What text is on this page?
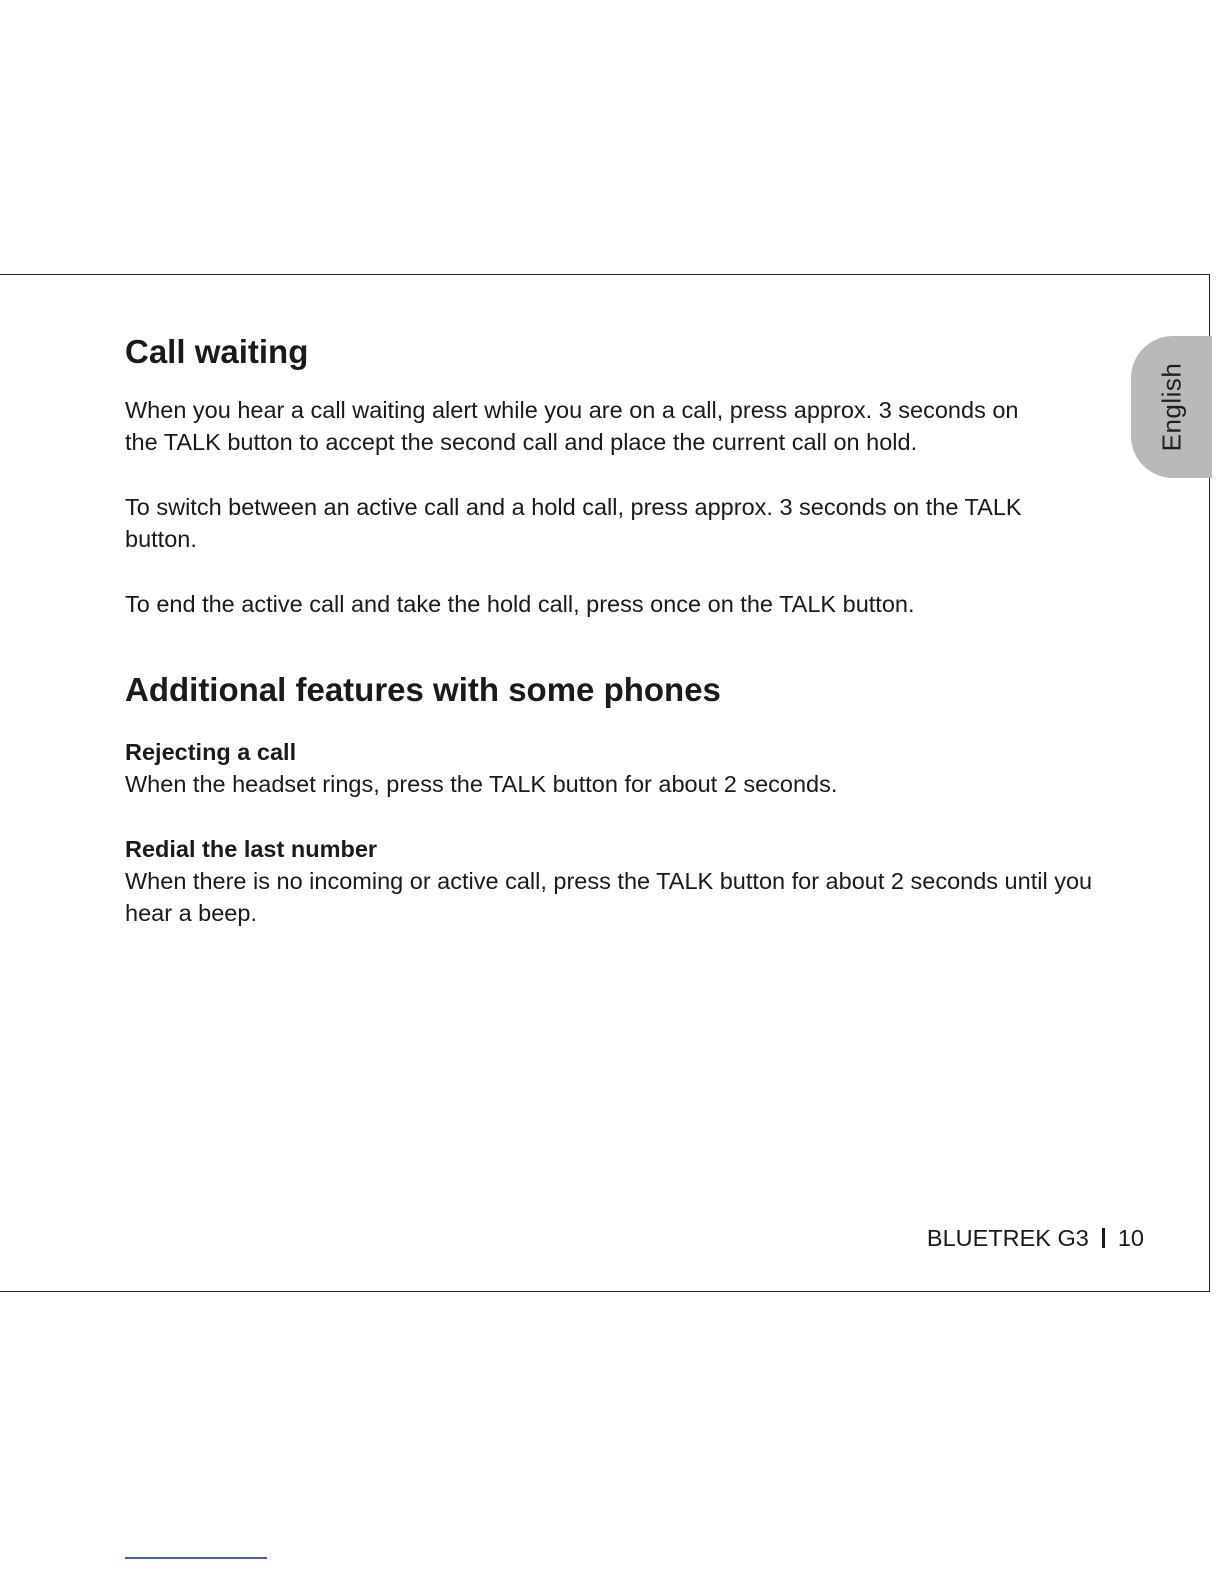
English
Call waiting

When you hear a call waiting alert while you are on a call, press approx. 3 seconds on the TALK button to accept the second call and place the current call on hold.

To switch between an active call and a hold call, press approx. 3 seconds on the TALK button.

To end the active call and take the hold call, press once on the TALK button.

Additional features with some phones
Rejecting a call

When the headset rings, press the TALK button for about 2 seconds.

Redial the last number

When there is no incoming or active call, press the TALK button for about 2 seconds until you hear a beep.

BLUETREK G3 10
